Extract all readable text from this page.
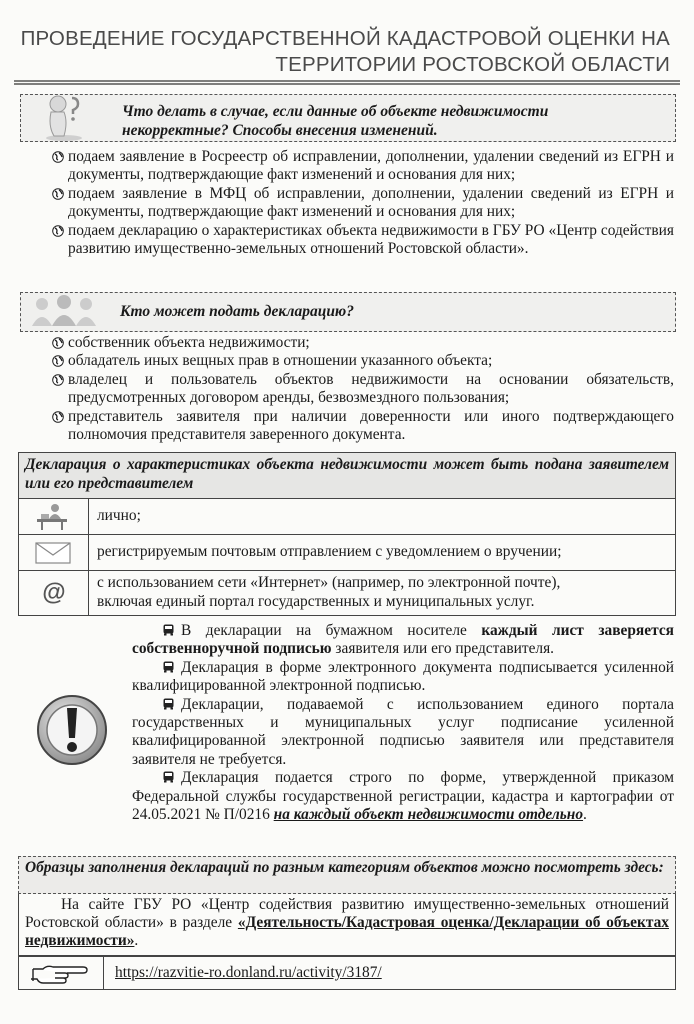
ПРОВЕДЕНИЕ ГОСУДАРСТВЕННОЙ КАДАСТРОВОЙ ОЦЕНКИ НА
ТЕРРИТОРИИ РОСТОВСКОЙ ОБЛАСТИ
Что делать в случае, если данные об объекте недвижимости
некорректные? Способы внесения изменений.
подаем заявление в Росреестр об исправлении, дополнении, удалении сведений из ЕГРН и документы, подтверждающие факт изменений и основания для них;
подаем заявление в МФЦ об исправлении, дополнении, удалении сведений из ЕГРН и документы, подтверждающие факт изменений и основания для них;
подаем декларацию о характеристиках объекта недвижимости в ГБУ РО «Центр содействия развитию имущественно-земельных отношений Ростовской области».
Кто может подать декларацию?
собственник объекта недвижимости;
обладатель иных вещных прав в отношении указанного объекта;
владелец и пользователь объектов недвижимости на основании обязательств, предусмотренных договором аренды, безвозмездного пользования;
представитель заявителя при наличии доверенности или иного подтверждающего полномочия представителя заверенного документа.
Декларация о характеристиках объекта недвижимости может быть подана заявителем или его представителем
лично;
регистрируемым почтовым отправлением с уведомлением о вручении;
@ с использованием сети «Интернет» (например, по электронной почте),
включая единый портал государственных и муниципальных услуг.

В декларации на бумажном носителе каждый лист заверяется собственноручной подписью заявителя или его представителя.

Декларация в форме электронного документа подписывается усиленной квалифицированной электронной подписью.

Декларации, подаваемой с использованием единого портала государственных и муниципальных услуг подписание усиленной квалифицированной электронной подписью заявителя или представителя заявителя не требуется.

Декларация подается строго по форме, утвержденной приказом Федеральной службы государственной регистрации, кадастра и картографии от 24.05.2021 № П/0216 на каждый объект недвижимости отдельно.

Образцы заполнения деклараций по разным категориям объектов можно посмотреть здесь:
На сайте ГБУ РО «Центр содействия развитию имущественно-земельных отношений Ростовской области» в разделе «Деятельность/Кадастровая оценка/Декларации об объектах недвижимости».
https://razvitie-ro.donland.ru/activity/3187/
